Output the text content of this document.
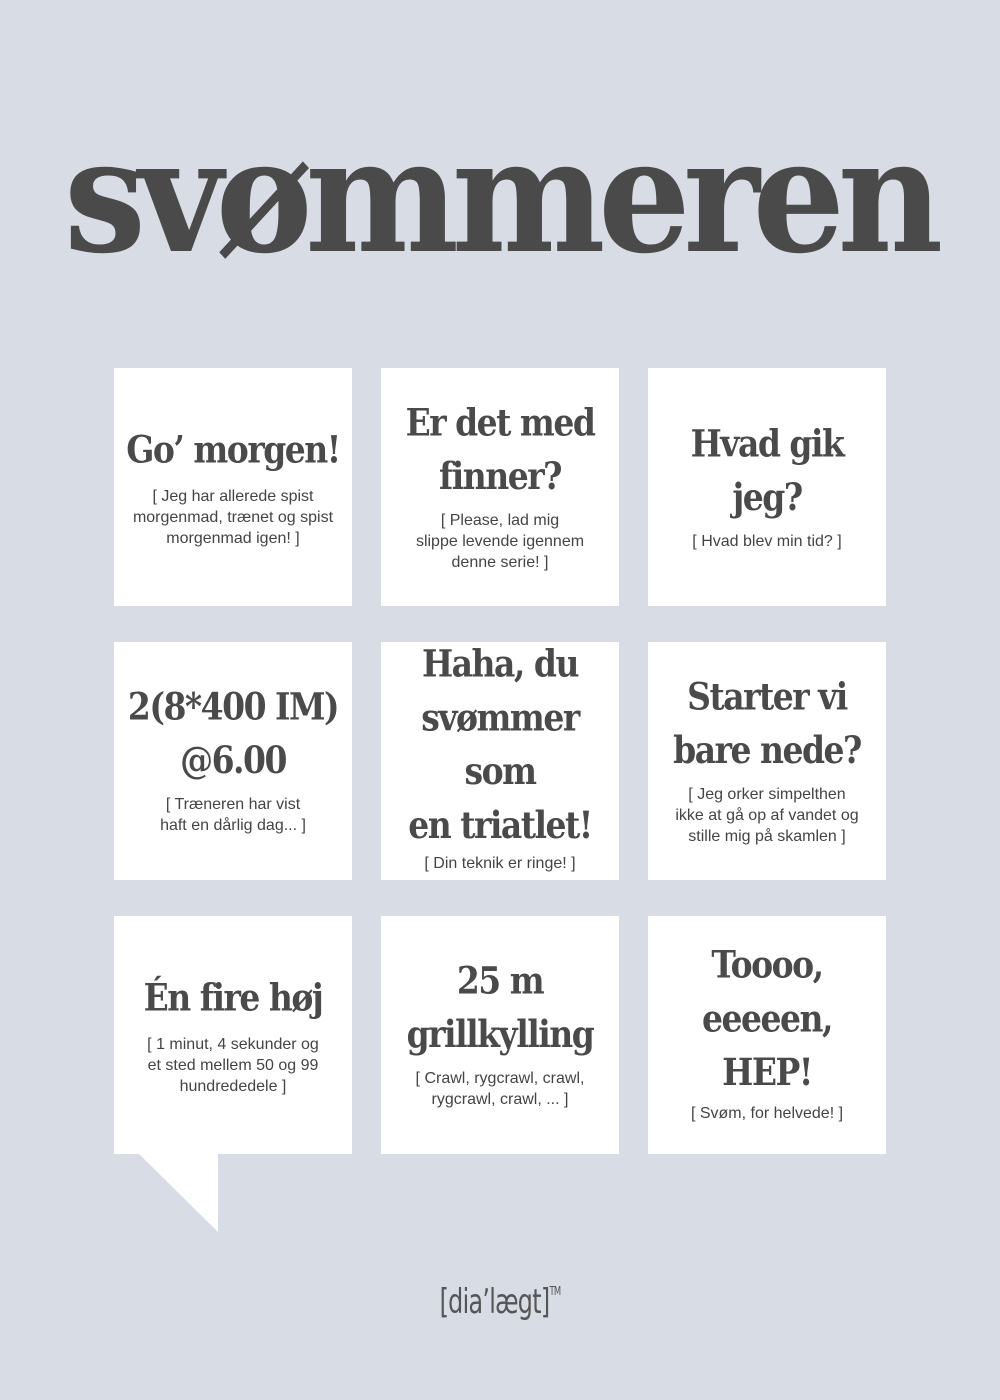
svømmeren
Go’ morgen!
[ Jeg har allerede spist
morgenmad, trænet og spist
morgenmad igen! ]
Er det med
finner?
[ Please, lad mig
slippe levende igennem
denne serie! ]
Hvad gik jeg?
[ Hvad blev min tid? ]
2(8*400 IM)
@6.00
[ Træneren har vist
haft en dårlig dag... ]
Haha, du
svømmer som
en triatlet!
[ Din teknik er ringe! ]
Starter vi
bare nede?
[ Jeg orker simpelthen
ikke at gå op af vandet og
stille mig på skamlen ]
Én fire høj
[ 1 minut, 4 sekunder og
et sted mellem 50 og 99
hundrededele ]
25 m
grillkylling
[ Crawl, rygcrawl, crawl,
rygcrawl, crawl, ... ]
Toooo,
eeeeen,
HEP!
[ Svøm, for helvede! ]
[dia’lægt]™
